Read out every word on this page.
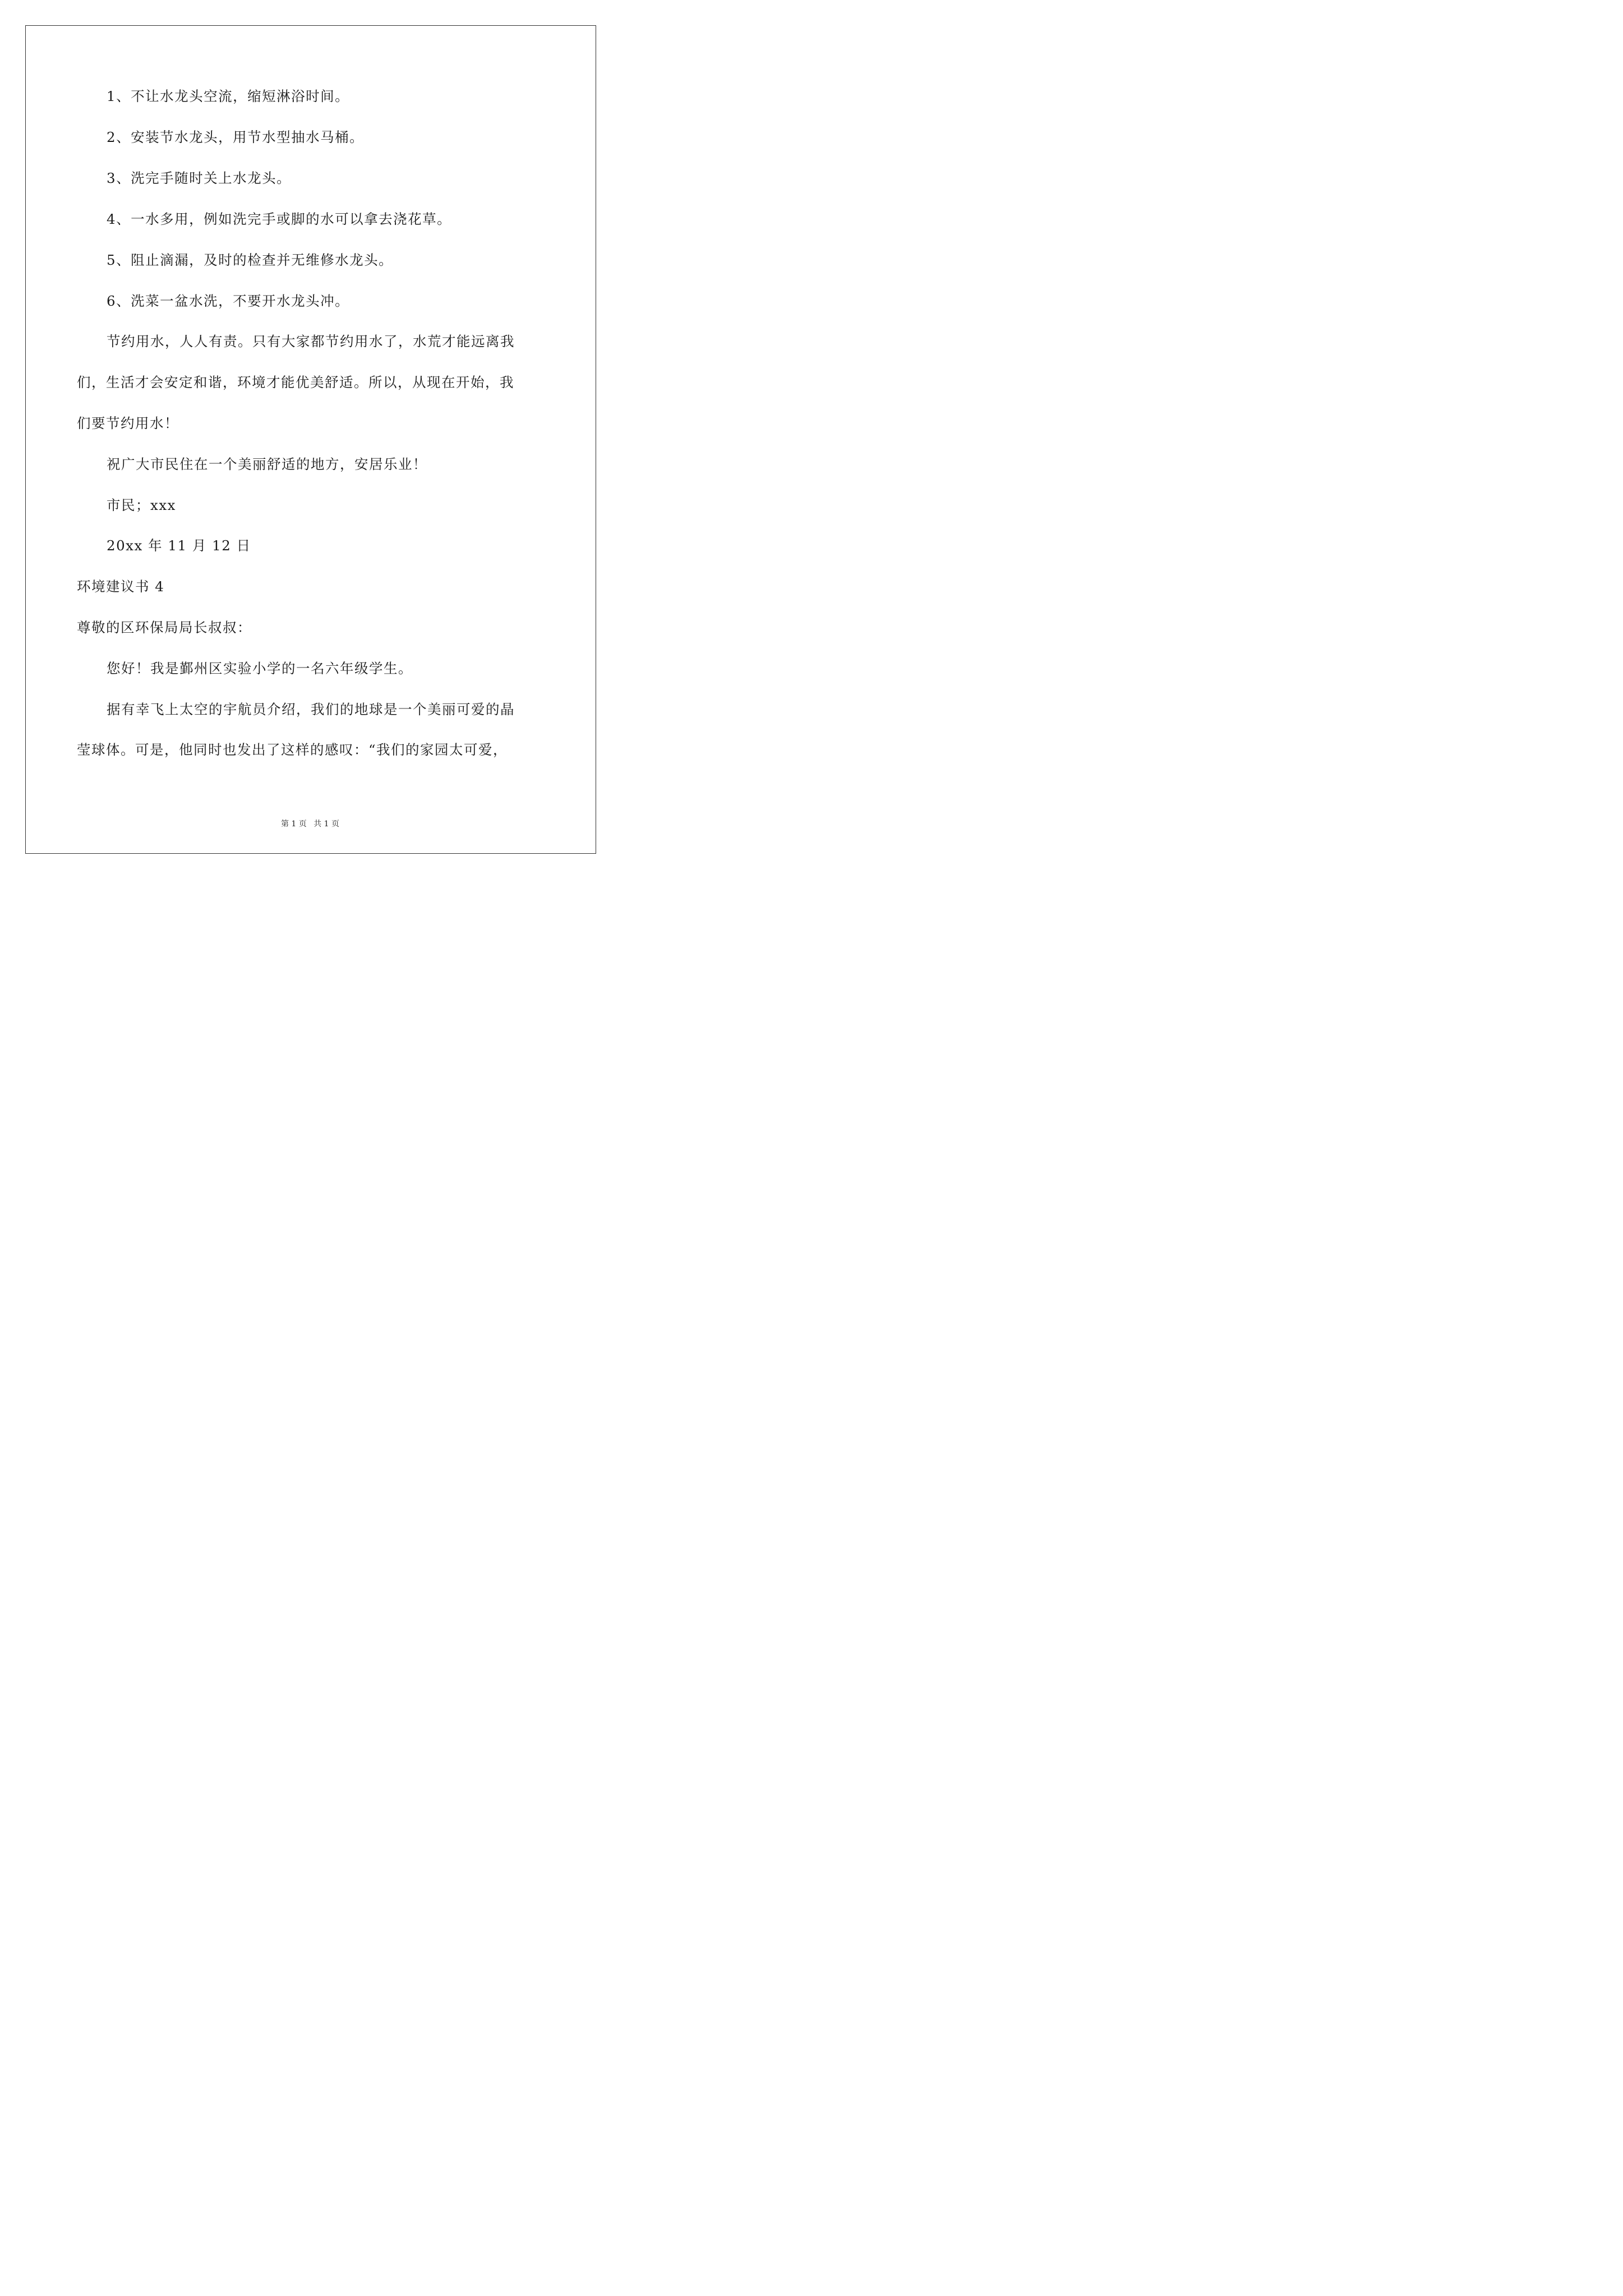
1、不让水龙头空流，缩短淋浴时间。
2、安装节水龙头，用节水型抽水马桶。
3、洗完手随时关上水龙头。
4、一水多用，例如洗完手或脚的水可以拿去浇花草。
5、阻止滴漏，及时的检查并无维修水龙头。
6、洗菜一盆水洗，不要开水龙头冲。
节约用水，人人有责。只有大家都节约用水了，水荒才能远离我
们，生活才会安定和谐，环境才能优美舒适。所以，从现在开始，我
们要节约用水！
祝广大市民住在一个美丽舒适的地方，安居乐业！
市民；xxx
20xx 年 11 月 12 日
环境建议书 4
尊敬的区环保局局长叔叔：
您好！我是鄞州区实验小学的一名六年级学生。
据有幸飞上太空的宇航员介绍，我们的地球是一个美丽可爱的晶
莹球体。可是，他同时也发出了这样的感叹：“我们的家园太可爱，
第 1 页 共 1 页
